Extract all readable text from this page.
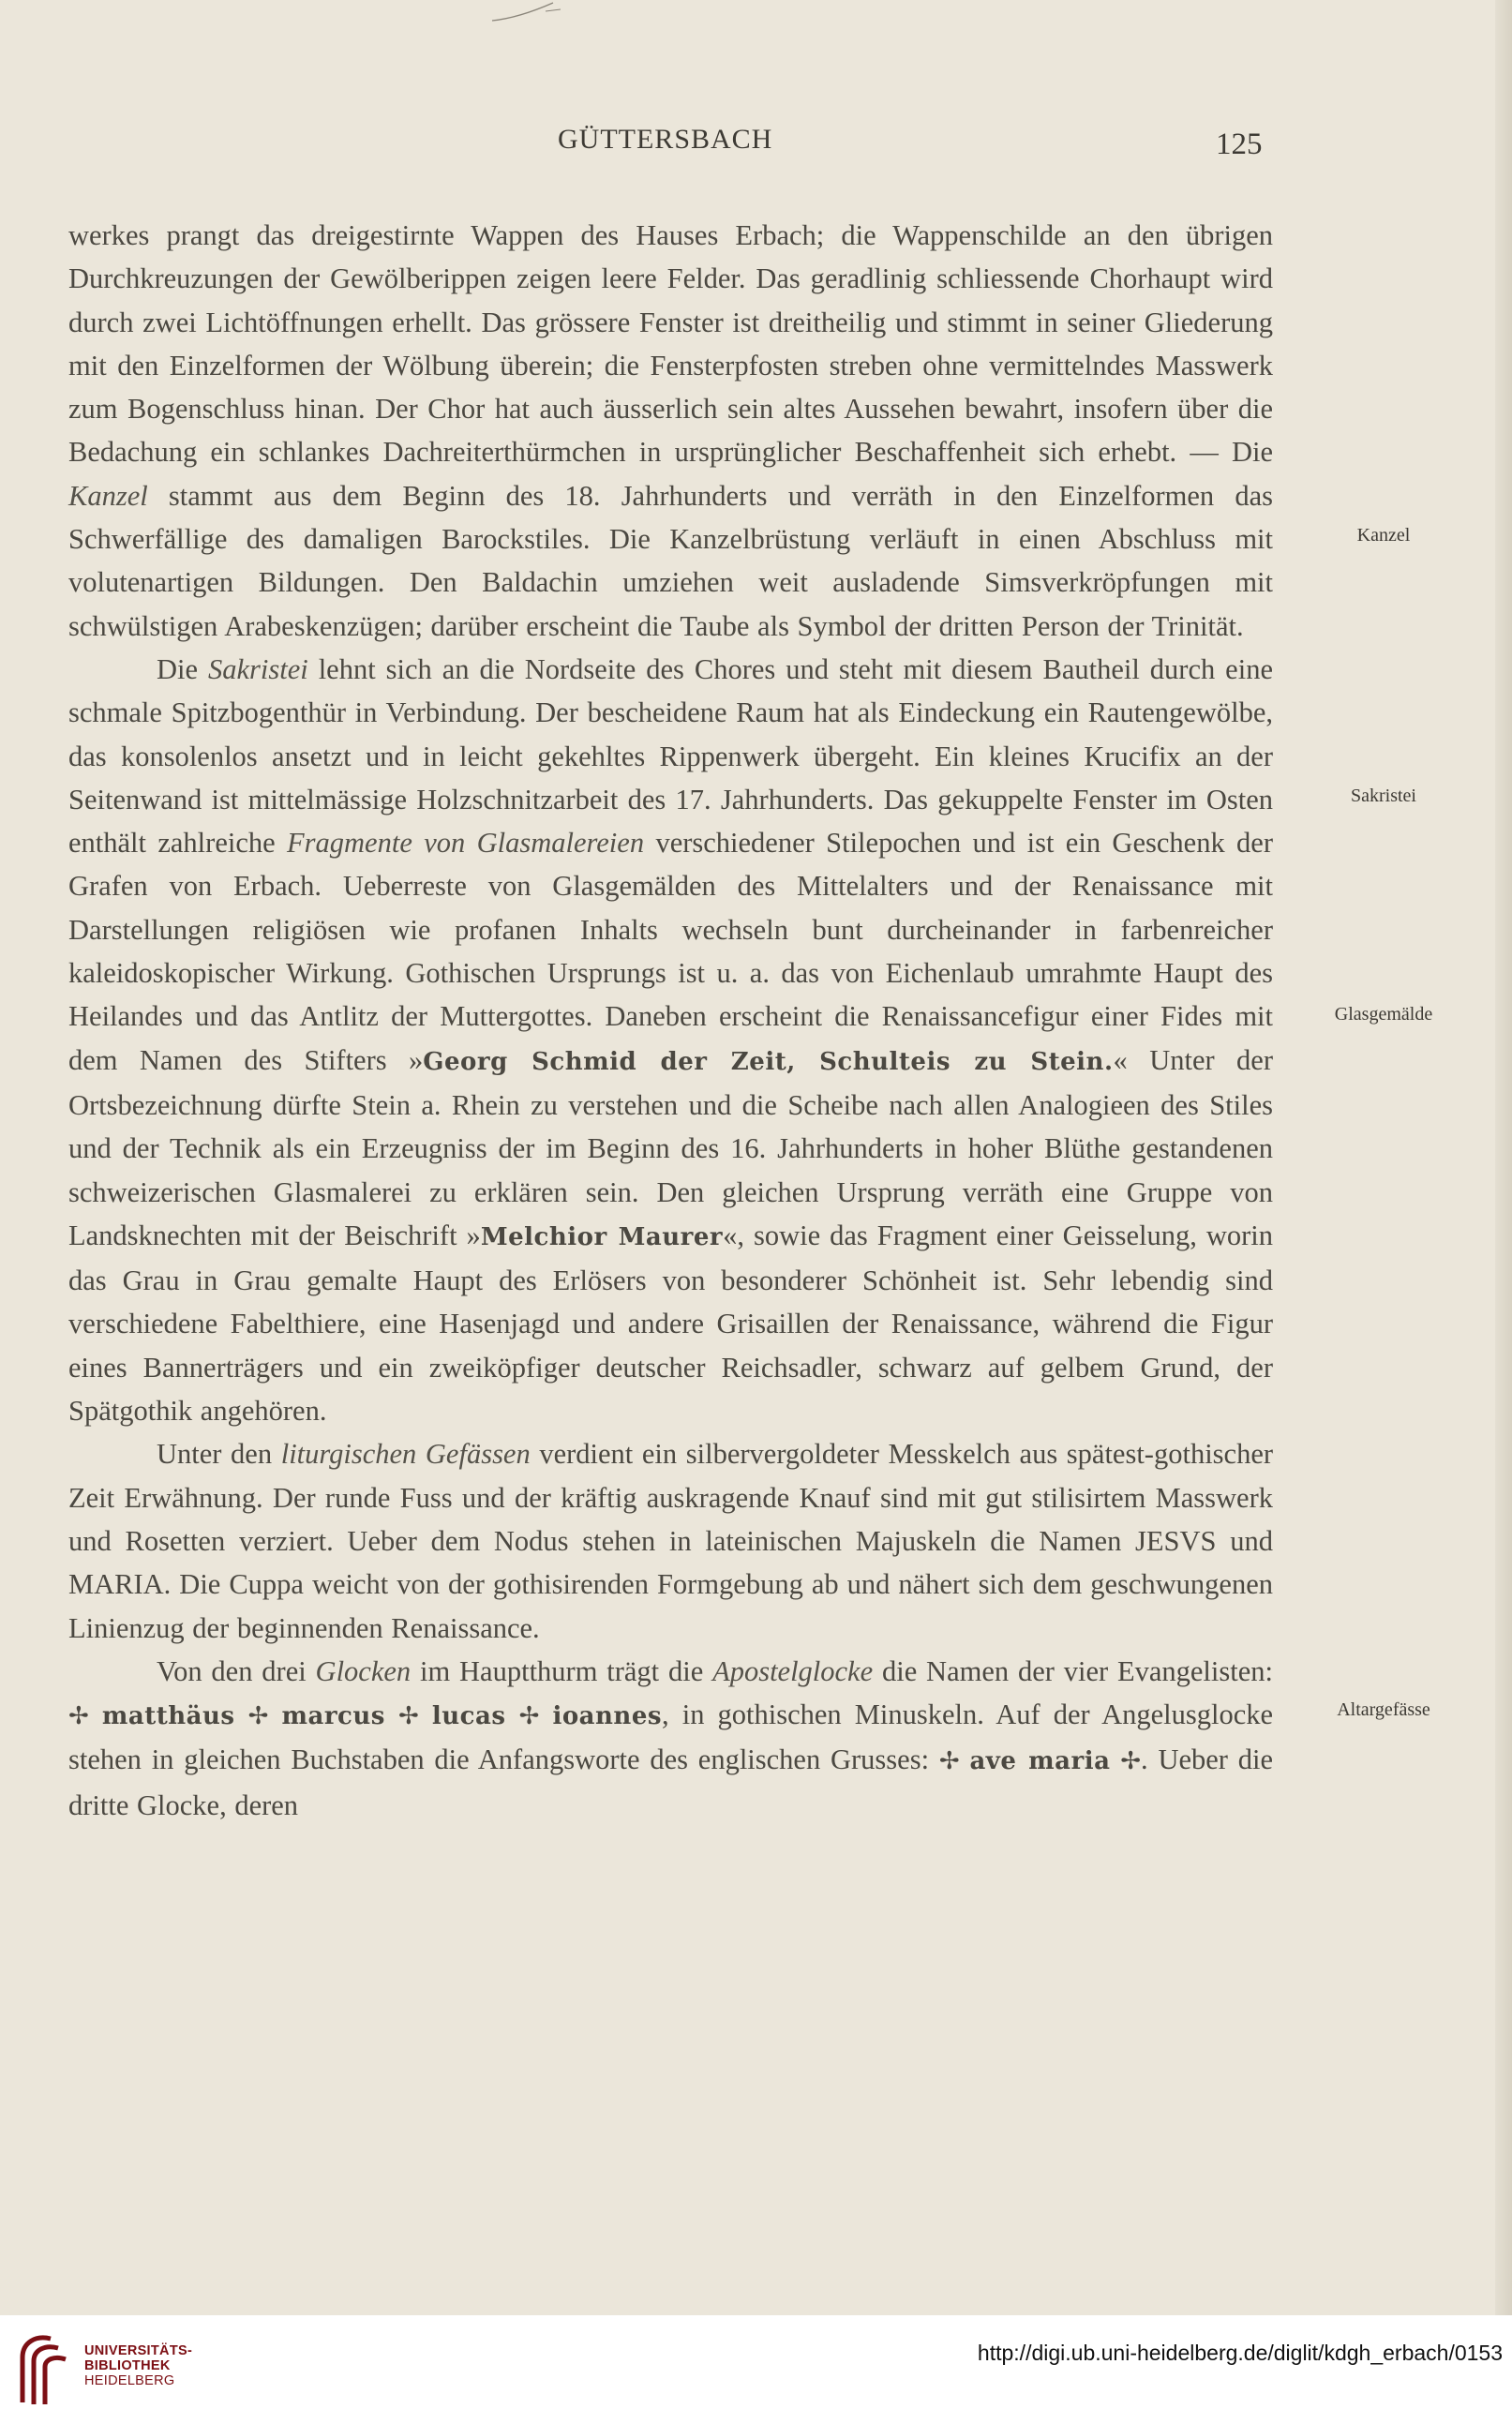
GÜTTERSBACH	125

werkes prangt das dreigestirnte Wappen des Hauses Erbach; die Wappenschilde an den übrigen Durchkreuzungen der Gewölberippen zeigen leere Felder. Das geradlinig schliessende Chorhaupt wird durch zwei Lichtöffnungen erhellt. Das grössere Fenster ist dreitheilig und stimmt in seiner Gliederung mit den Einzelformen der Wölbung überein; die Fensterpfosten streben ohne vermittelndes Masswerk zum Bogenschluss hinan. Der Chor hat auch äusserlich sein altes Aussehen bewahrt, insofern über die Bedachung ein schlankes Dachreiterthürmchen in ursprünglicher Beschaffenheit sich erhebt. — Die Kanzel stammt aus dem Beginn des 18. Jahrhunderts und verräth in den Einzelformen das Schwerfällige des damaligen Barockstiles. Die Kanzelbrüstung verläuft in einen Abschluss mit volutenartigen Bildungen. Den Baldachin umziehen weit ausladende Simsverkröpfungen mit schwülstigen Arabeskenzügen; darüber erscheint die Taube als Symbol der dritten Person der Trinität.

Die Sakristei lehnt sich an die Nordseite des Chores und steht mit diesem Bautheil durch eine schmale Spitzbogenthür in Verbindung. Der bescheidene Raum hat als Eindeckung ein Rautengewölbe, das konsolenlos ansetzt und in leicht gekehltes Rippenwerk übergeht. Ein kleines Krucifix an der Seitenwand ist mittelmässige Holzschnitzarbeit des 17. Jahrhunderts. Das gekuppelte Fenster im Osten enthält zahlreiche Fragmente von Glasmalereien verschiedener Stilepochen und ist ein Geschenk der Grafen von Erbach. Ueberreste von Glasgemälden des Mittelalters und der Renaissance mit Darstellungen religiösen wie profanen Inhalts wechseln bunt durcheinander in farbenreicher kaleidoskopischer Wirkung. Gothischen Ursprungs ist u. a. das von Eichenlaub umrahmte Haupt des Heilandes und das Antlitz der Muttergottes. Daneben erscheint die Renaissancefigur einer Fides mit dem Namen des Stifters »Georg Schmid der Zeit, Schulteis zu Stein.« Unter der Ortsbezeichnung dürfte Stein a. Rhein zu verstehen und die Scheibe nach allen Analogieen des Stiles und der Technik als ein Erzeugniss der im Beginn des 16. Jahrhunderts in hoher Blüthe gestandenen schweizerischen Glasmalerei zu erklären sein. Den gleichen Ursprung verräth eine Gruppe von Landsknechten mit der Beischrift »Melchior Maurer«, sowie das Fragment einer Geisselung, worin das Grau in Grau gemalte Haupt des Erlösers von besonderer Schönheit ist. Sehr lebendig sind verschiedene Fabelthiere, eine Hasenjagd und andere Grisaillen der Renaissance, während die Figur eines Bannerträgers und ein zweiköpfiger deutscher Reichsadler, schwarz auf gelbem Grund, der Spätgothik angehören.

Unter den liturgischen Gefässen verdient ein silbervergoldeter Messkelch aus spätest-gothischer Zeit Erwähnung. Der runde Fuss und der kräftig auskragende Knauf sind mit gut stilisirtem Masswerk und Rosetten verziert. Ueber dem Nodus stehen in lateinischen Majuskeln die Namen JESVS und MARIA. Die Cuppa weicht von der gothisirenden Formgebung ab und nähert sich dem geschwungenen Linienzug der beginnenden Renaissance.

Von den drei Glocken im Hauptthurm trägt die Apostelglocke die Namen der vier Evangelisten: ✢ matthäus ✢ marcus ✢ lucas ✢ ioannes, in gothischen Minuskeln. Auf der Angelusglocke stehen in gleichen Buchstaben die Anfangsworte des englischen Grusses: ✢ ave maria ✢. Ueber die dritte Glocke, deren

Kanzel
Sakristei
Glasgemälde
Altargefässe
UNIVERSITÄTS-
BIBLIOTHEK
HEIDELBERG
http://digi.ub.uni-heidelberg.de/diglit/kdgh_erbach/0153
